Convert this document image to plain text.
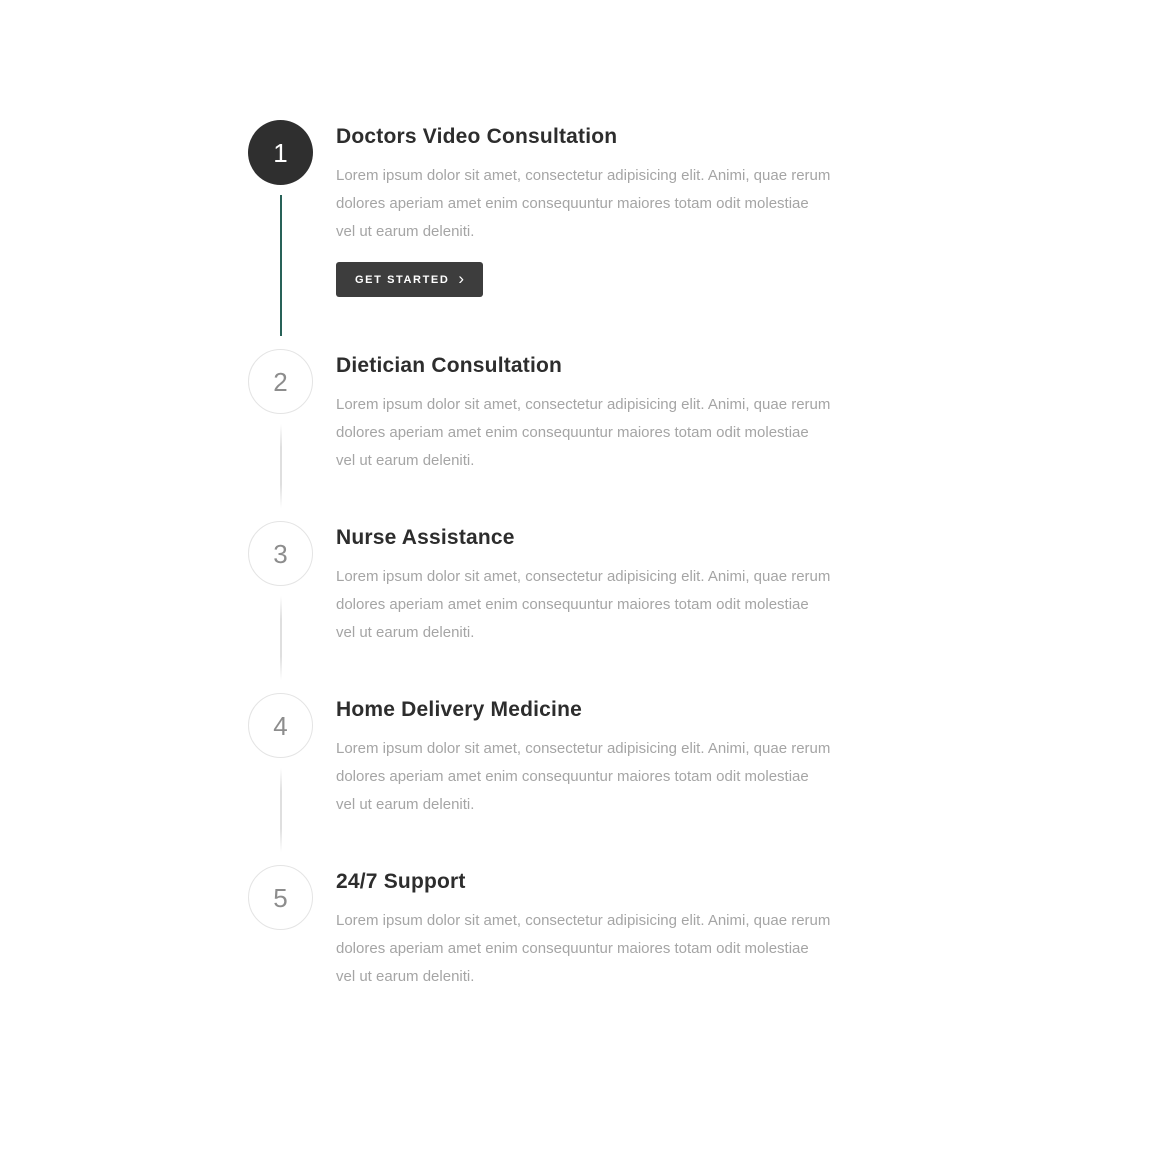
1
Doctors Video Consultation

Lorem ipsum dolor sit amet, consectetur adipisicing elit. Animi, quae rerum
dolores aperiam amet enim consequuntur maiores totam odit molestiae
vel ut earum deleniti.

GET STARTED ›
2
Dietician Consultation

Lorem ipsum dolor sit amet, consectetur adipisicing elit. Animi, quae rerum
dolores aperiam amet enim consequuntur maiores totam odit molestiae
vel ut earum deleniti.

3
Nurse Assistance

Lorem ipsum dolor sit amet, consectetur adipisicing elit. Animi, quae rerum
dolores aperiam amet enim consequuntur maiores totam odit molestiae
vel ut earum deleniti.

4
Home Delivery Medicine

Lorem ipsum dolor sit amet, consectetur adipisicing elit. Animi, quae rerum
dolores aperiam amet enim consequuntur maiores totam odit molestiae
vel ut earum deleniti.

5
24/7 Support

Lorem ipsum dolor sit amet, consectetur adipisicing elit. Animi, quae rerum
dolores aperiam amet enim consequuntur maiores totam odit molestiae
vel ut earum deleniti.
